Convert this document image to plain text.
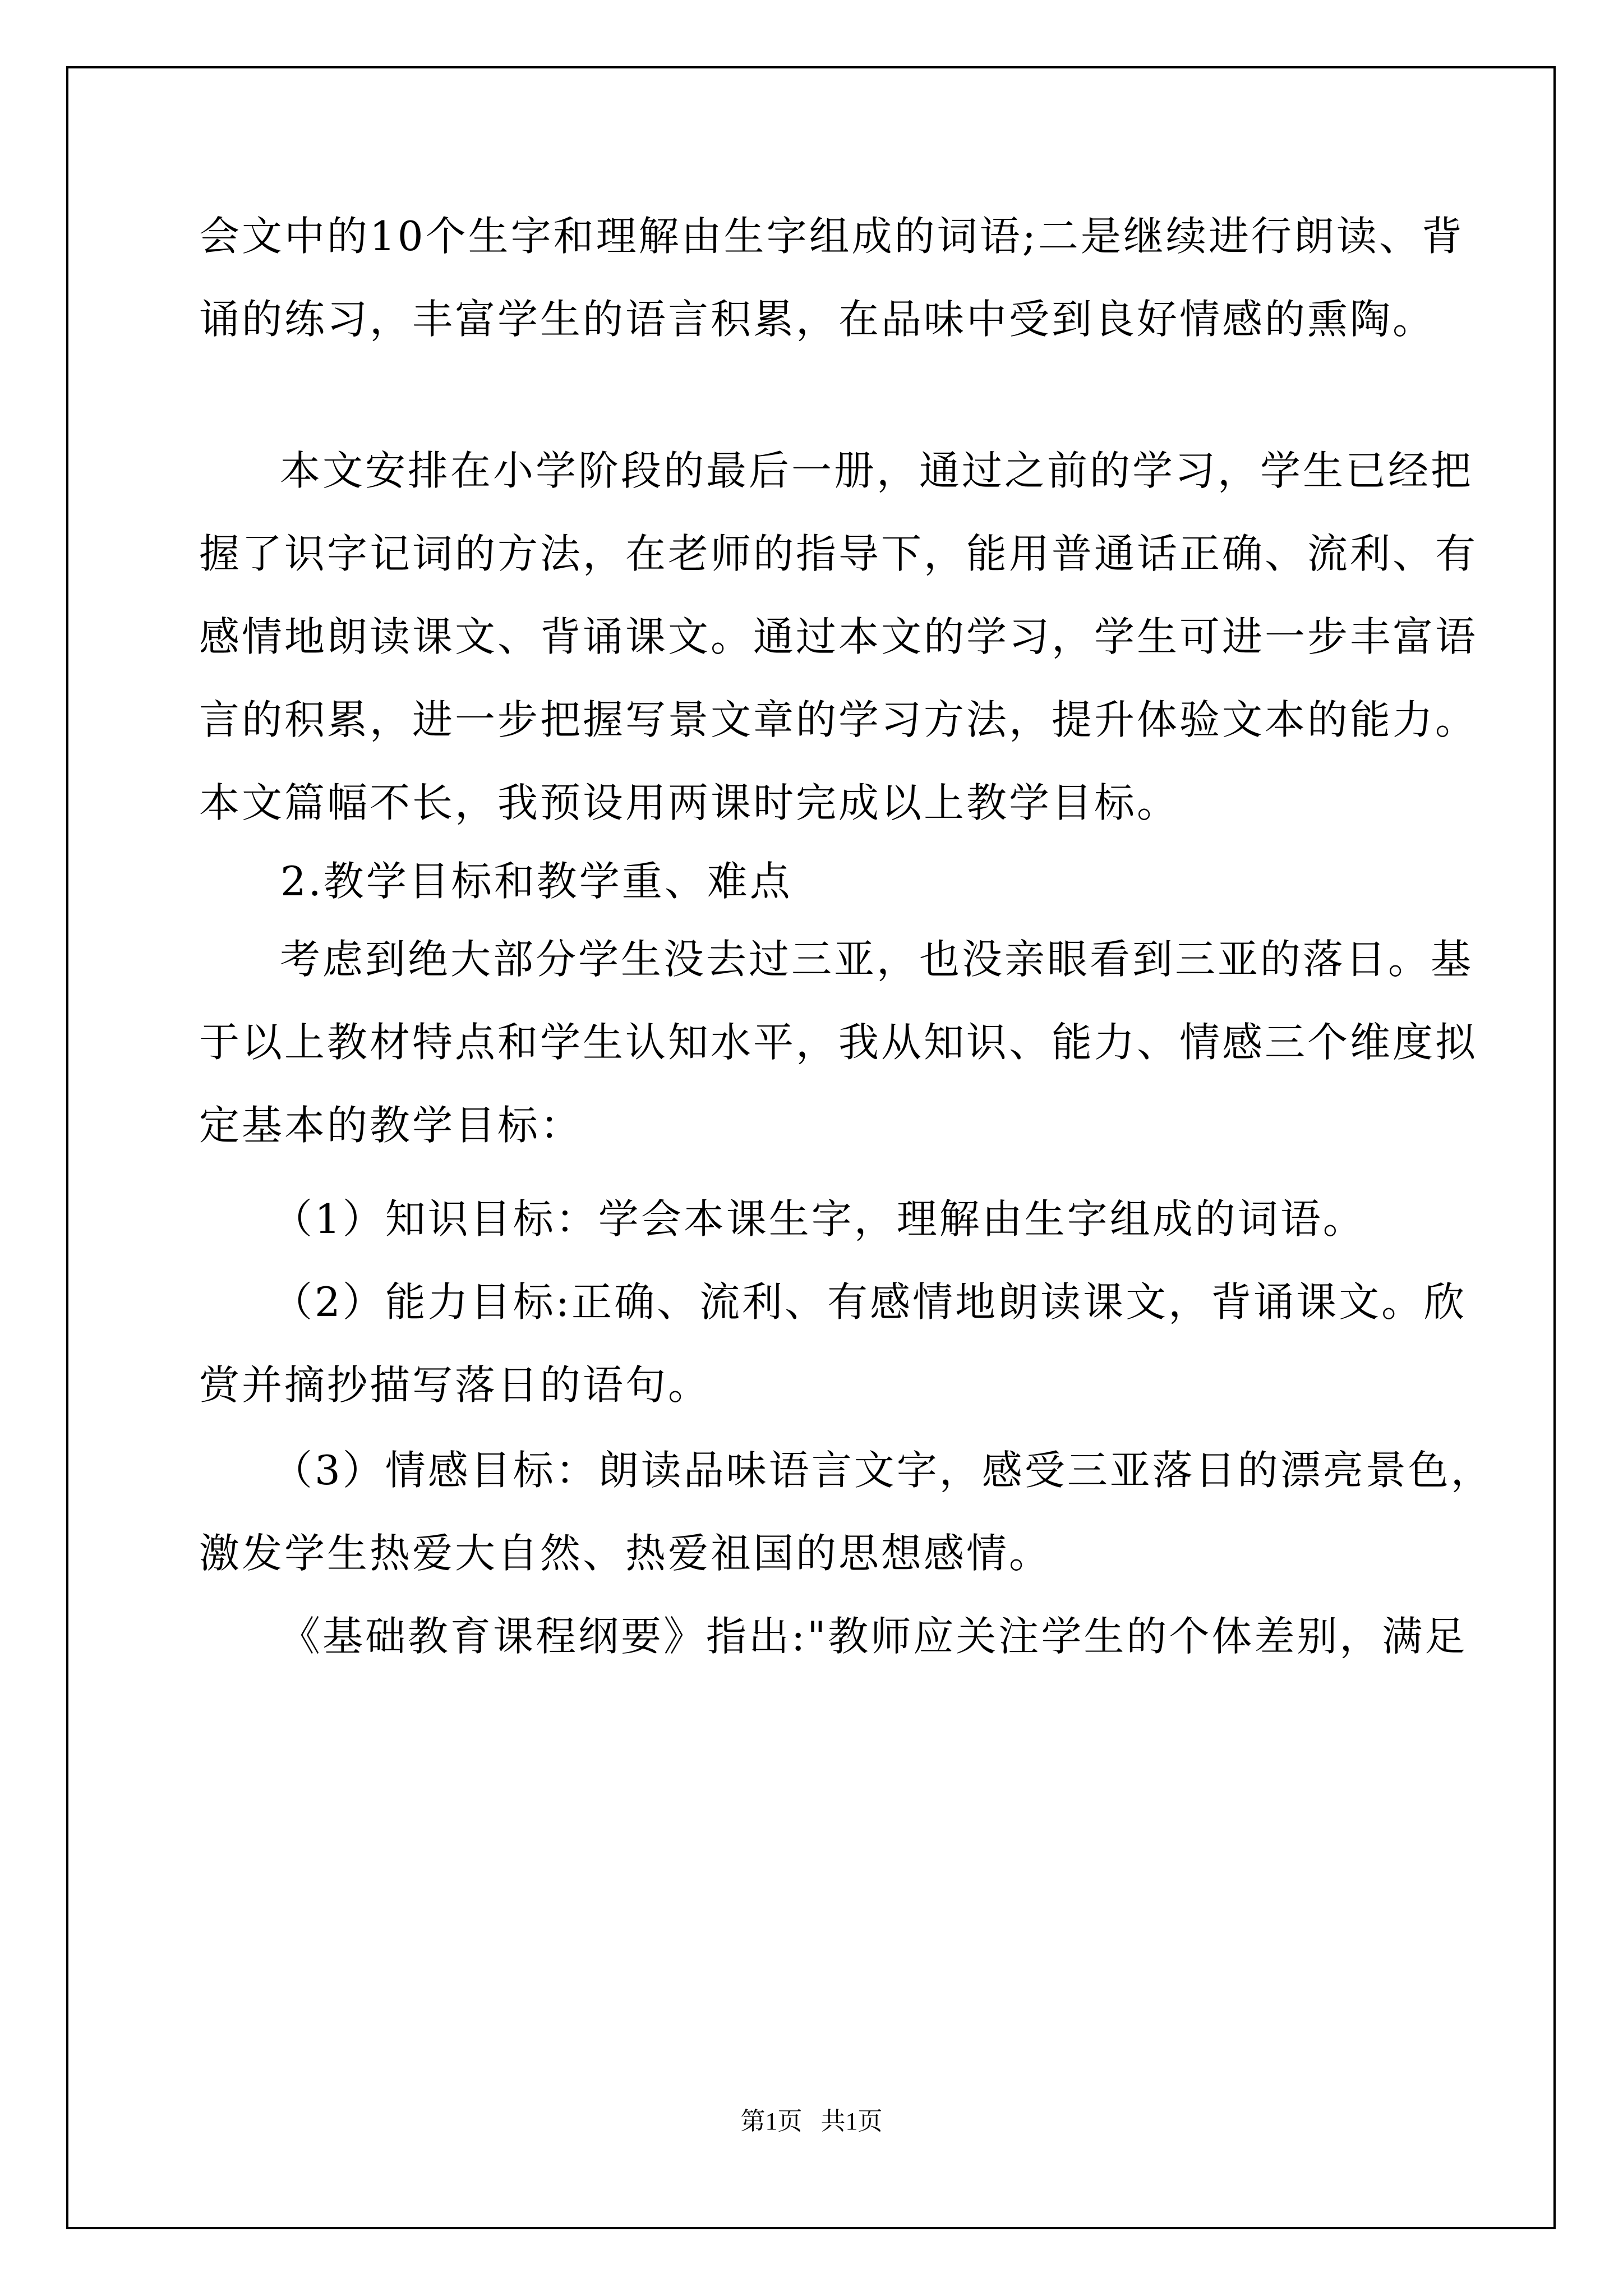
会文中的10个生字和理解由生字组成的词语;二是继续进行朗读、背
诵的练习，丰富学生的语言积累，在品味中受到良好情感的熏陶。
本文安排在小学阶段的最后一册，通过之前的学习，学生已经把
握了识字记词的方法，在老师的指导下，能用普通话正确、流利、有
感情地朗读课文、背诵课文。通过本文的学习，学生可进一步丰富语
言的积累，进一步把握写景文章的学习方法，提升体验文本的能力。
本文篇幅不长，我预设用两课时完成以上教学目标。
2.教学目标和教学重、难点
考虑到绝大部分学生没去过三亚，也没亲眼看到三亚的落日。基
于以上教材特点和学生认知水平，我从知识、能力、情感三个维度拟
定基本的教学目标：
（1）知识目标：学会本课生字，理解由生字组成的词语。
（2）能力目标:正确、流利、有感情地朗读课文，背诵课文。欣
赏并摘抄描写落日的语句。
（3）情感目标：朗读品味语言文字，感受三亚落日的漂亮景色，
激发学生热爱大自然、热爱祖国的思想感情。
《基础教育课程纲要》指出:"教师应关注学生的个体差别，满足
第1页   共1页
